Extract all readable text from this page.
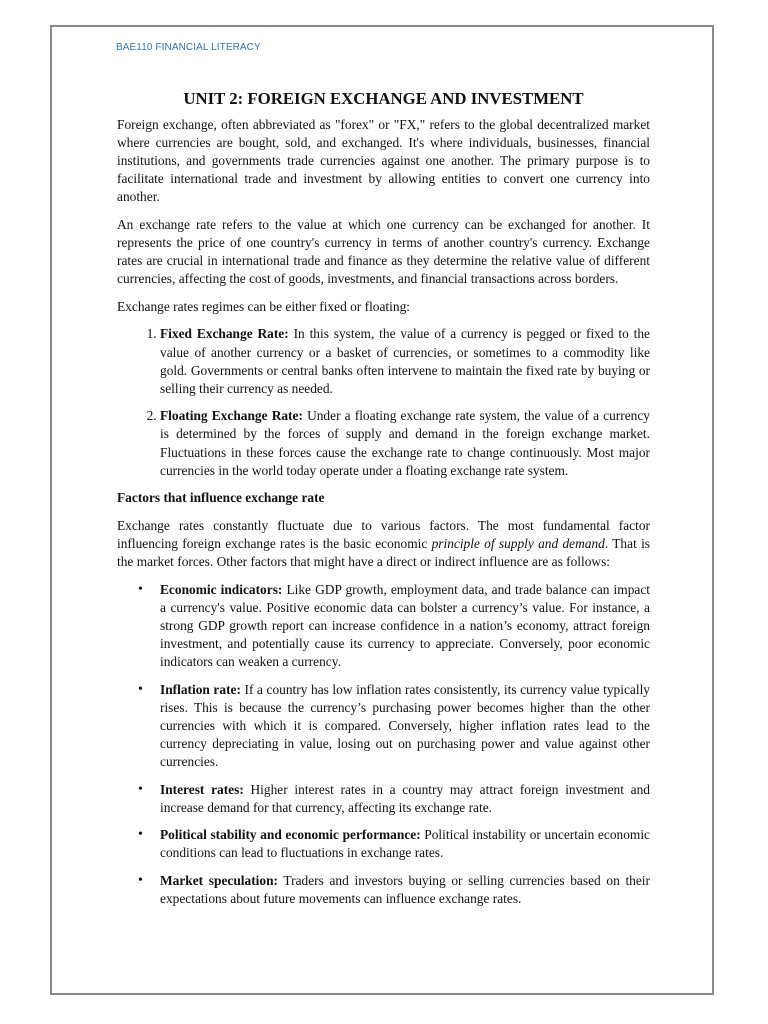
BAE110 FINANCIAL LITERACY
UNIT 2: FOREIGN EXCHANGE AND INVESTMENT

Foreign exchange, often abbreviated as "forex" or "FX," refers to the global decentralized market where currencies are bought, sold, and exchanged. It's where individuals, businesses, financial institutions, and governments trade currencies against one another. The primary purpose is to facilitate international trade and investment by allowing entities to convert one currency into another.

An exchange rate refers to the value at which one currency can be exchanged for another. It represents the price of one country's currency in terms of another country's currency. Exchange rates are crucial in international trade and finance as they determine the relative value of different currencies, affecting the cost of goods, investments, and financial transactions across borders.

Exchange rates regimes can be either fixed or floating:

1. Fixed Exchange Rate: In this system, the value of a currency is pegged or fixed to the value of another currency or a basket of currencies, or sometimes to a commodity like gold. Governments or central banks often intervene to maintain the fixed rate by buying or selling their currency as needed.
2. Floating Exchange Rate: Under a floating exchange rate system, the value of a currency is determined by the forces of supply and demand in the foreign exchange market. Fluctuations in these forces cause the exchange rate to change continuously. Most major currencies in the world today operate under a floating exchange rate system.

Factors that influence exchange rate

Exchange rates constantly fluctuate due to various factors. The most fundamental factor influencing foreign exchange rates is the basic economic principle of supply and demand. That is the market forces. Other factors that might have a direct or indirect influence are as follows:

• Economic indicators: Like GDP growth, employment data, and trade balance can impact a currency's value. Positive economic data can bolster a currency’s value. For instance, a strong GDP growth report can increase confidence in a nation’s economy, attract foreign investment, and potentially cause its currency to appreciate. Conversely, poor economic indicators can weaken a currency.
• Inflation rate: If a country has low inflation rates consistently, its currency value typically rises. This is because the currency’s purchasing power becomes higher than the other currencies with which it is compared. Conversely, higher inflation rates lead to the currency depreciating in value, losing out on purchasing power and value against other currencies.
• Interest rates: Higher interest rates in a country may attract foreign investment and increase demand for that currency, affecting its exchange rate.
• Political stability and economic performance: Political instability or uncertain economic conditions can lead to fluctuations in exchange rates.
• Market speculation: Traders and investors buying or selling currencies based on their expectations about future movements can influence exchange rates.
